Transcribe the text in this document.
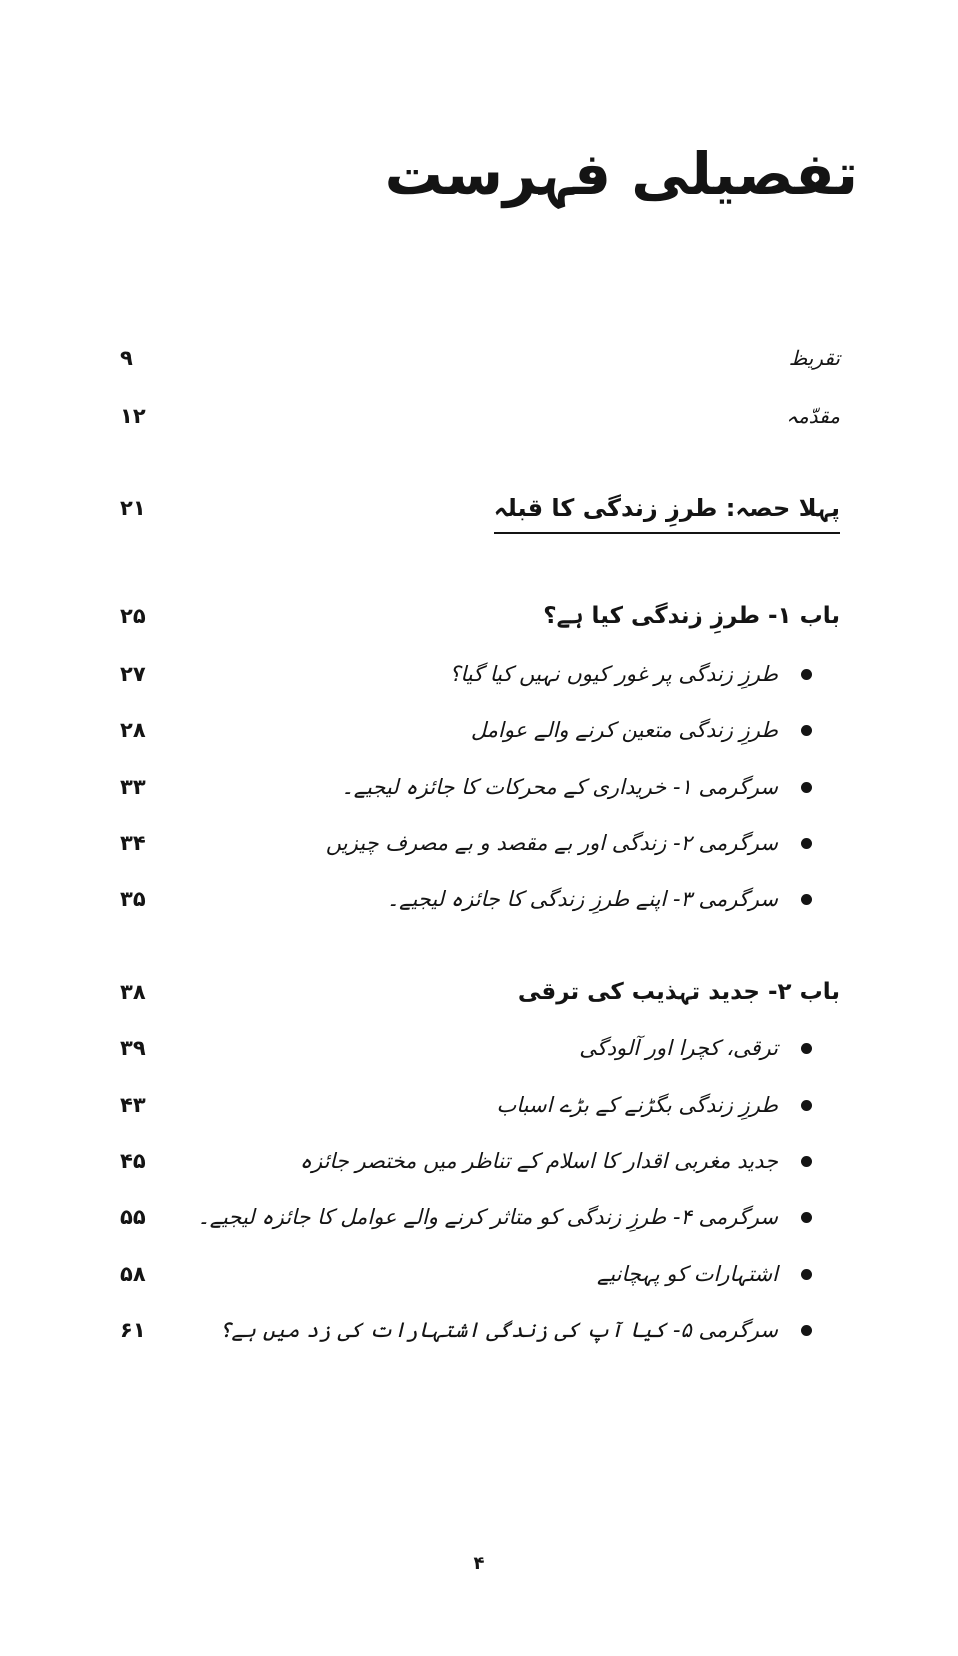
تفصیلی فہرست
۹	تقریظ
۱۲	مقدّمہ
۲۱	پہلا حصہ: طرزِ زندگی کا قبلہ
۲۵	باب ۱- طرزِ زندگی کیا ہے؟
۲۷	طرزِ زندگی پر غور کیوں نہیں کیا گیا؟
۲۸	طرزِ زندگی متعین کرنے والے عوامل
۳۳	سرگرمی ۱- خریداری کے محرکات کا جائزہ لیجیے۔
۳۴	سرگرمی ۲- زندگی اور بے مقصد و بے مصرف چیزیں
۳۵	سرگرمی ۳- اپنے طرزِ زندگی کا جائزہ لیجیے۔
۳۸	باب ۲- جدید تہذیب کی ترقی
۳۹	ترقی، کچرا اور آلودگی
۴۳	طرزِ زندگی بگڑنے کے بڑے اسباب
۴۵	جدید مغربی اقدار کا اسلام کے تناظر میں مختصر جائزہ
۵۵ سرگرمی ۴- طرزِ زندگی کو متاثر کرنے والے عوامل کا جائزہ لیجیے۔
۵۸	اشتہارات کو پہچانیے
۶۱	سرگرمی ۵- کیا آپ کی زندگی اشتہارات کی زد میں ہے؟
۴
